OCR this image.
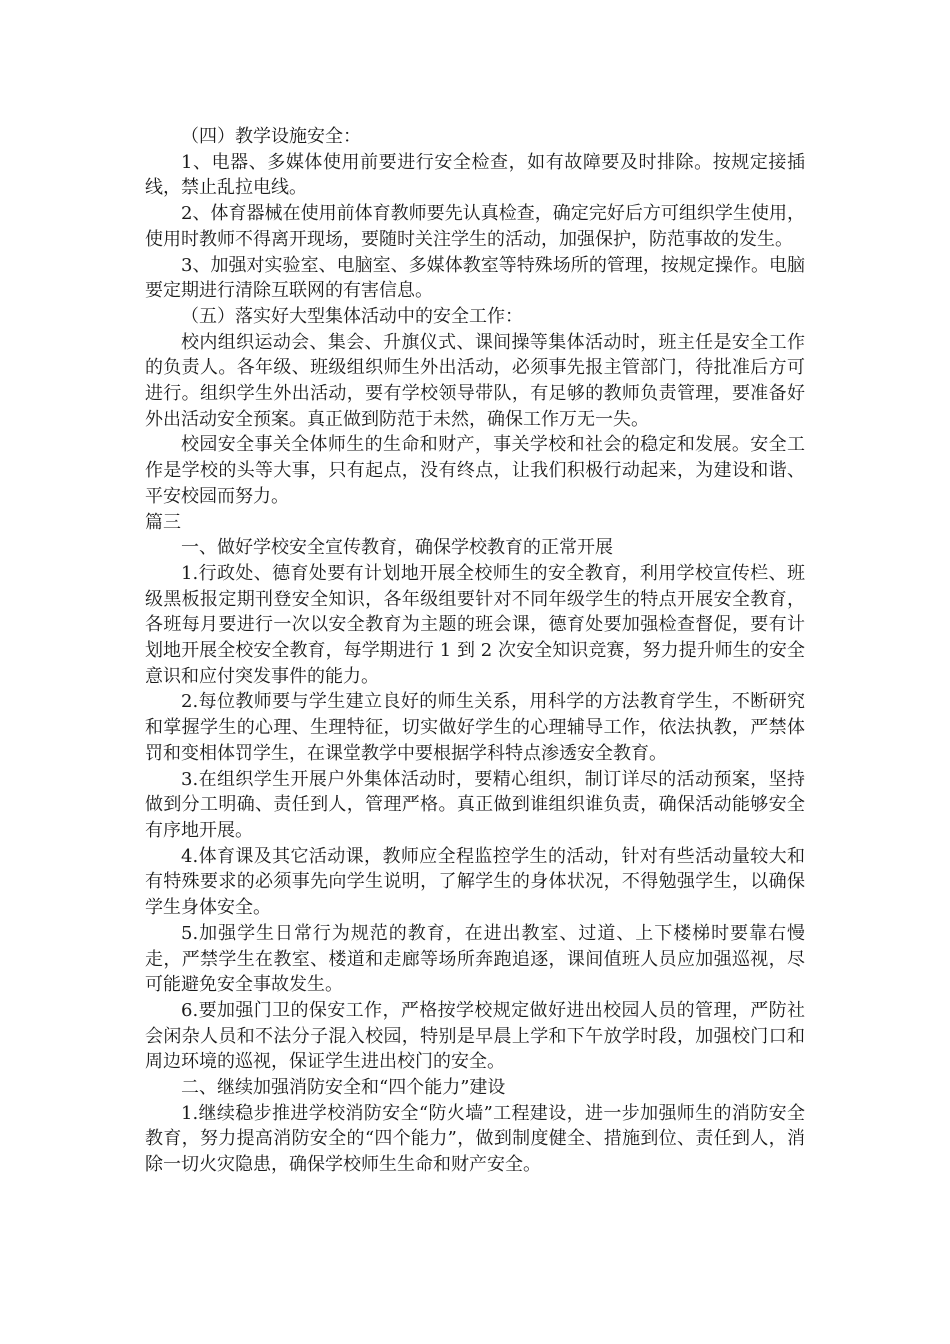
（四）教学设施安全：

1、电器、多媒体使用前要进行安全检查，如有故障要及时排除。按规定接插线，禁止乱拉电线。

2、体育器械在使用前体育教师要先认真检查，确定完好后方可组织学生使用，使用时教师不得离开现场，要随时关注学生的活动，加强保护，防范事故的发生。

3、加强对实验室、电脑室、多媒体教室等特殊场所的管理，按规定操作。电脑要定期进行清除互联网的有害信息。

（五）落实好大型集体活动中的安全工作：

校内组织运动会、集会、升旗仪式、课间操等集体活动时，班主任是安全工作的负责人。各年级、班级组织师生外出活动，必须事先报主管部门，待批准后方可进行。组织学生外出活动，要有学校领导带队，有足够的教师负责管理，要准备好外出活动安全预案。真正做到防范于未然，确保工作万无一失。

校园安全事关全体师生的生命和财产，事关学校和社会的稳定和发展。安全工作是学校的头等大事，只有起点，没有终点，让我们积极行动起来，为建设和谐、平安校园而努力。

篇三

一、做好学校安全宣传教育，确保学校教育的正常开展

1.行政处、德育处要有计划地开展全校师生的安全教育，利用学校宣传栏、班级黑板报定期刊登安全知识，各年级组要针对不同年级学生的特点开展安全教育，各班每月要进行一次以安全教育为主题的班会课，德育处要加强检查督促，要有计划地开展全校安全教育，每学期进行 1 到 2 次安全知识竞赛，努力提升师生的安全意识和应付突发事件的能力。

2.每位教师要与学生建立良好的师生关系，用科学的方法教育学生，不断研究和掌握学生的心理、生理特征，切实做好学生的心理辅导工作，依法执教，严禁体罚和变相体罚学生，在课堂教学中要根据学科特点渗透安全教育。

3.在组织学生开展户外集体活动时，要精心组织，制订详尽的活动预案，坚持做到分工明确、责任到人，管理严格。真正做到谁组织谁负责，确保活动能够安全有序地开展。

4.体育课及其它活动课，教师应全程监控学生的活动，针对有些活动量较大和有特殊要求的必须事先向学生说明，了解学生的身体状况，不得勉强学生，以确保学生身体安全。

5.加强学生日常行为规范的教育，在进出教室、过道、上下楼梯时要靠右慢走，严禁学生在教室、楼道和走廊等场所奔跑追逐，课间值班人员应加强巡视，尽可能避免安全事故发生。

6.要加强门卫的保安工作，严格按学校规定做好进出校园人员的管理，严防社会闲杂人员和不法分子混入校园，特别是早晨上学和下午放学时段，加强校门口和周边环境的巡视，保证学生进出校门的安全。

二、继续加强消防安全和“四个能力”建设

1.继续稳步推进学校消防安全“防火墙”工程建设，进一步加强师生的消防安全教育，努力提高消防安全的“四个能力”，做到制度健全、措施到位、责任到人，消除一切火灾隐患，确保学校师生生命和财产安全。
